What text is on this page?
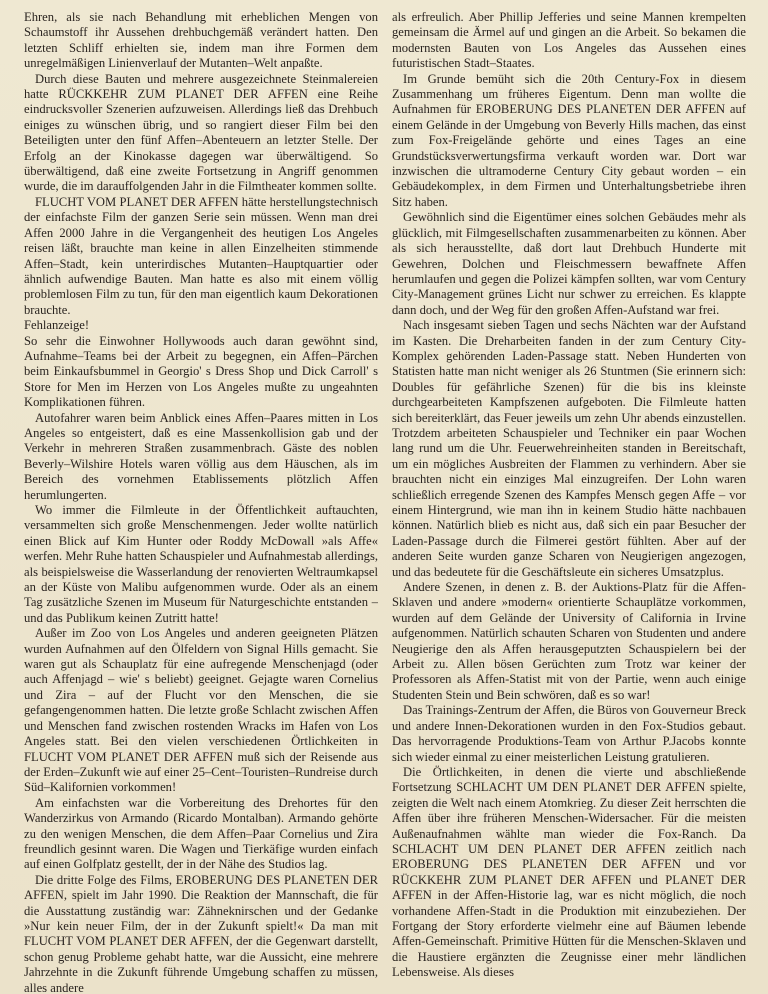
Ehren, als sie nach Behandlung mit erheblichen Mengen von Schaumstoff ihr Aussehen drehbuchgemäß verändert hatten. Den letzten Schliff erhielten sie, indem man ihre Formen dem unregelmäßigen Linienverlauf der Mutanten–Welt anpaßte.

Durch diese Bauten und mehrere ausgezeichnete Steinmalereien hatte RÜCKKEHR ZUM PLANET DER AFFEN eine Reihe eindrucksvoller Szenerien aufzuweisen. Allerdings ließ das Drehbuch einiges zu wünschen übrig, und so rangiert dieser Film bei den Beteiligten unter den fünf Affen–Abenteuern an letzter Stelle. Der Erfolg an der Kinokasse dagegen war überwältigend. So überwältigend, daß eine zweite Fortsetzung in Angriff genommen wurde, die im darauffolgenden Jahr in die Filmtheater kommen sollte.

FLUCHT VOM PLANET DER AFFEN hätte herstellungstechnisch der einfachste Film der ganzen Serie sein müssen. Wenn man drei Affen 2000 Jahre in die Vergangenheit des heutigen Los Angeles reisen läßt, brauchte man keine in allen Einzelheiten stimmende Affen–Stadt, kein unterirdisches Mutanten–Hauptquartier oder ähnlich aufwendige Bauten. Man hatte es also mit einem völlig problemlosen Film zu tun, für den man eigentlich kaum Dekorationen brauchte.

Fehlanzeige!

So sehr die Einwohner Hollywoods auch daran gewöhnt sind, Aufnahme–Teams bei der Arbeit zu begegnen, ein Affen–Pärchen beim Einkaufsbummel in Georgio' s Dress Shop und Dick Carroll' s Store for Men im Herzen von Los Angeles mußte zu ungeahnten Komplikationen führen.

Autofahrer waren beim Anblick eines Affen–Paares mitten in Los Angeles so entgeistert, daß es eine Massenkollision gab und der Verkehr in mehreren Straßen zusammenbrach. Gäste des noblen Beverly–Wilshire Hotels waren völlig aus dem Häuschen, als im Bereich des vornehmen Etablissements plötzlich Affen herumlungerten.

Wo immer die Filmleute in der Öffentlichkeit auftauchten, versammelten sich große Menschenmengen. Jeder wollte natürlich einen Blick auf Kim Hunter oder Roddy McDowall »als Affe« werfen. Mehr Ruhe hatten Schauspieler und Aufnahmestab allerdings, als beispielsweise die Wasserlandung der renovierten Weltraumkapsel an der Küste von Malibu aufgenommen wurde. Oder als an einem Tag zusätzliche Szenen im Museum für Naturgeschichte entstanden – und das Publikum keinen Zutritt hatte!

Außer im Zoo von Los Angeles und anderen geeigneten Plätzen wurden Aufnahmen auf den Ölfeldern von Signal Hills gemacht. Sie waren gut als Schauplatz für eine aufregende Menschenjagd (oder auch Affenjagd – wie' s beliebt) geeignet. Gejagte waren Cornelius und Zira – auf der Flucht vor den Menschen, die sie gefangengenommen hatten. Die letzte große Schlacht zwischen Affen und Menschen fand zwischen rostenden Wracks im Hafen von Los Angeles statt. Bei den vielen verschiedenen Örtlichkeiten in FLUCHT VOM PLANET DER AFFEN muß sich der Reisende aus der Erden–Zukunft wie auf einer 25–Cent–Touristen–Rundreise durch Süd–Kalifornien vorkommen!

Am einfachsten war die Vorbereitung des Drehortes für den Wanderzirkus von Armando (Ricardo Montalban). Armando gehörte zu den wenigen Menschen, die dem Affen–Paar Cornelius und Zira freundlich gesinnt waren. Die Wagen und Tierkäfige wurden einfach auf einen Golfplatz gestellt, der in der Nähe des Studios lag.

Die dritte Folge des Films, EROBERUNG DES PLANETEN DER AFFEN, spielt im Jahr 1990. Die Reaktion der Mannschaft, die für die Ausstattung zuständig war: Zähneknirschen und der Gedanke »Nur kein neuer Film, der in der Zukunft spielt!« Da man mit FLUCHT VOM PLANET DER AFFEN, der die Gegenwart darstellt, schon genug Probleme gehabt hatte, war die Aussicht, eine mehrere Jahrzehnte in die Zukunft führende Umgebung schaffen zu müssen, alles andere

als erfreulich. Aber Phillip Jefferies und seine Mannen krempelten gemeinsam die Ärmel auf und gingen an die Arbeit. So bekamen die modernsten Bauten von Los Angeles das Aussehen eines futuristischen Stadt–Staates.

Im Grunde bemüht sich die 20th Century-Fox in diesem Zusammenhang um früheres Eigentum. Denn man wollte die Aufnahmen für EROBERUNG DES PLANETEN DER AFFEN auf einem Gelände in der Umgebung von Beverly Hills machen, das einst zum Fox-Freigelände gehörte und eines Tages an eine Grundstücksverwertungsfirma verkauft worden war. Dort war inzwischen die ultramoderne Century City gebaut worden – ein Gebäudekomplex, in dem Firmen und Unterhaltungsbetriebe ihren Sitz haben.

Gewöhnlich sind die Eigentümer eines solchen Gebäudes mehr als glücklich, mit Filmgesellschaften zusammenarbeiten zu können. Aber als sich herausstellte, daß dort laut Drehbuch Hunderte mit Gewehren, Dolchen und Fleischmessern bewaffnete Affen herumlaufen und gegen die Polizei kämpfen sollten, war vom Century City-Management grünes Licht nur schwer zu erreichen. Es klappte dann doch, und der Weg für den großen Affen-Aufstand war frei.

Nach insgesamt sieben Tagen und sechs Nächten war der Aufstand im Kasten. Die Dreharbeiten fanden in der zum Century City-Komplex gehörenden Laden-Passage statt. Neben Hunderten von Statisten hatte man nicht weniger als 26 Stuntmen (Sie erinnern sich: Doubles für gefährliche Szenen) für die bis ins kleinste durchgearbeiteten Kampfszenen aufgeboten. Die Filmleute hatten sich bereiterklärt, das Feuer jeweils um zehn Uhr abends einzustellen. Trotzdem arbeiteten Schauspieler und Techniker ein paar Wochen lang rund um die Uhr. Feuerwehreinheiten standen in Bereitschaft, um ein mögliches Ausbreiten der Flammen zu verhindern. Aber sie brauchten nicht ein einziges Mal einzugreifen. Der Lohn waren schließlich erregende Szenen des Kampfes Mensch gegen Affe – vor einem Hintergrund, wie man ihn in keinem Studio hätte nachbauen können. Natürlich blieb es nicht aus, daß sich ein paar Besucher der Laden-Passage durch die Filmerei gestört fühlten. Aber auf der anderen Seite wurden ganze Scharen von Neugierigen angezogen, und das bedeutete für die Geschäftsleute ein sicheres Umsatzplus.

Andere Szenen, in denen z. B. der Auktions-Platz für die Affen-Sklaven und andere »modern« orientierte Schauplätze vorkommen, wurden auf dem Gelände der University of California in Irvine aufgenommen. Natürlich schauten Scharen von Studenten und andere Neugierige den als Affen herausgeputzten Schauspielern bei der Arbeit zu. Allen bösen Gerüchten zum Trotz war keiner der Professoren als Affen-Statist mit von der Partie, wenn auch einige Studenten Stein und Bein schwören, daß es so war!

Das Trainings-Zentrum der Affen, die Büros von Gouverneur Breck und andere Innen-Dekorationen wurden in den Fox-Studios gebaut. Das hervorragende Produktions-Team von Arthur P.Jacobs konnte sich wieder einmal zu einer meisterlichen Leistung gratulieren.

Die Örtlichkeiten, in denen die vierte und abschließende Fortsetzung SCHLACHT UM DEN PLANET DER AFFEN spielte, zeigten die Welt nach einem Atomkrieg. Zu dieser Zeit herrschten die Affen über ihre früheren Menschen-Widersacher. Für die meisten Außenaufnahmen wählte man wieder die Fox-Ranch. Da SCHLACHT UM DEN PLANET DER AFFEN zeitlich nach EROBERUNG DES PLANETEN DER AFFEN und vor RÜCKKEHR ZUM PLANET DER AFFEN und PLANET DER AFFEN in der Affen-Historie lag, war es nicht möglich, die noch vorhandene Affen-Stadt in die Produktion mit einzubeziehen. Der Fortgang der Story erforderte vielmehr eine auf Bäumen lebende Affen-Gemeinschaft. Primitive Hütten für die Menschen-Sklaven und die Haustiere ergänzten die Zeugnisse einer mehr ländlichen Lebensweise. Als dieses
